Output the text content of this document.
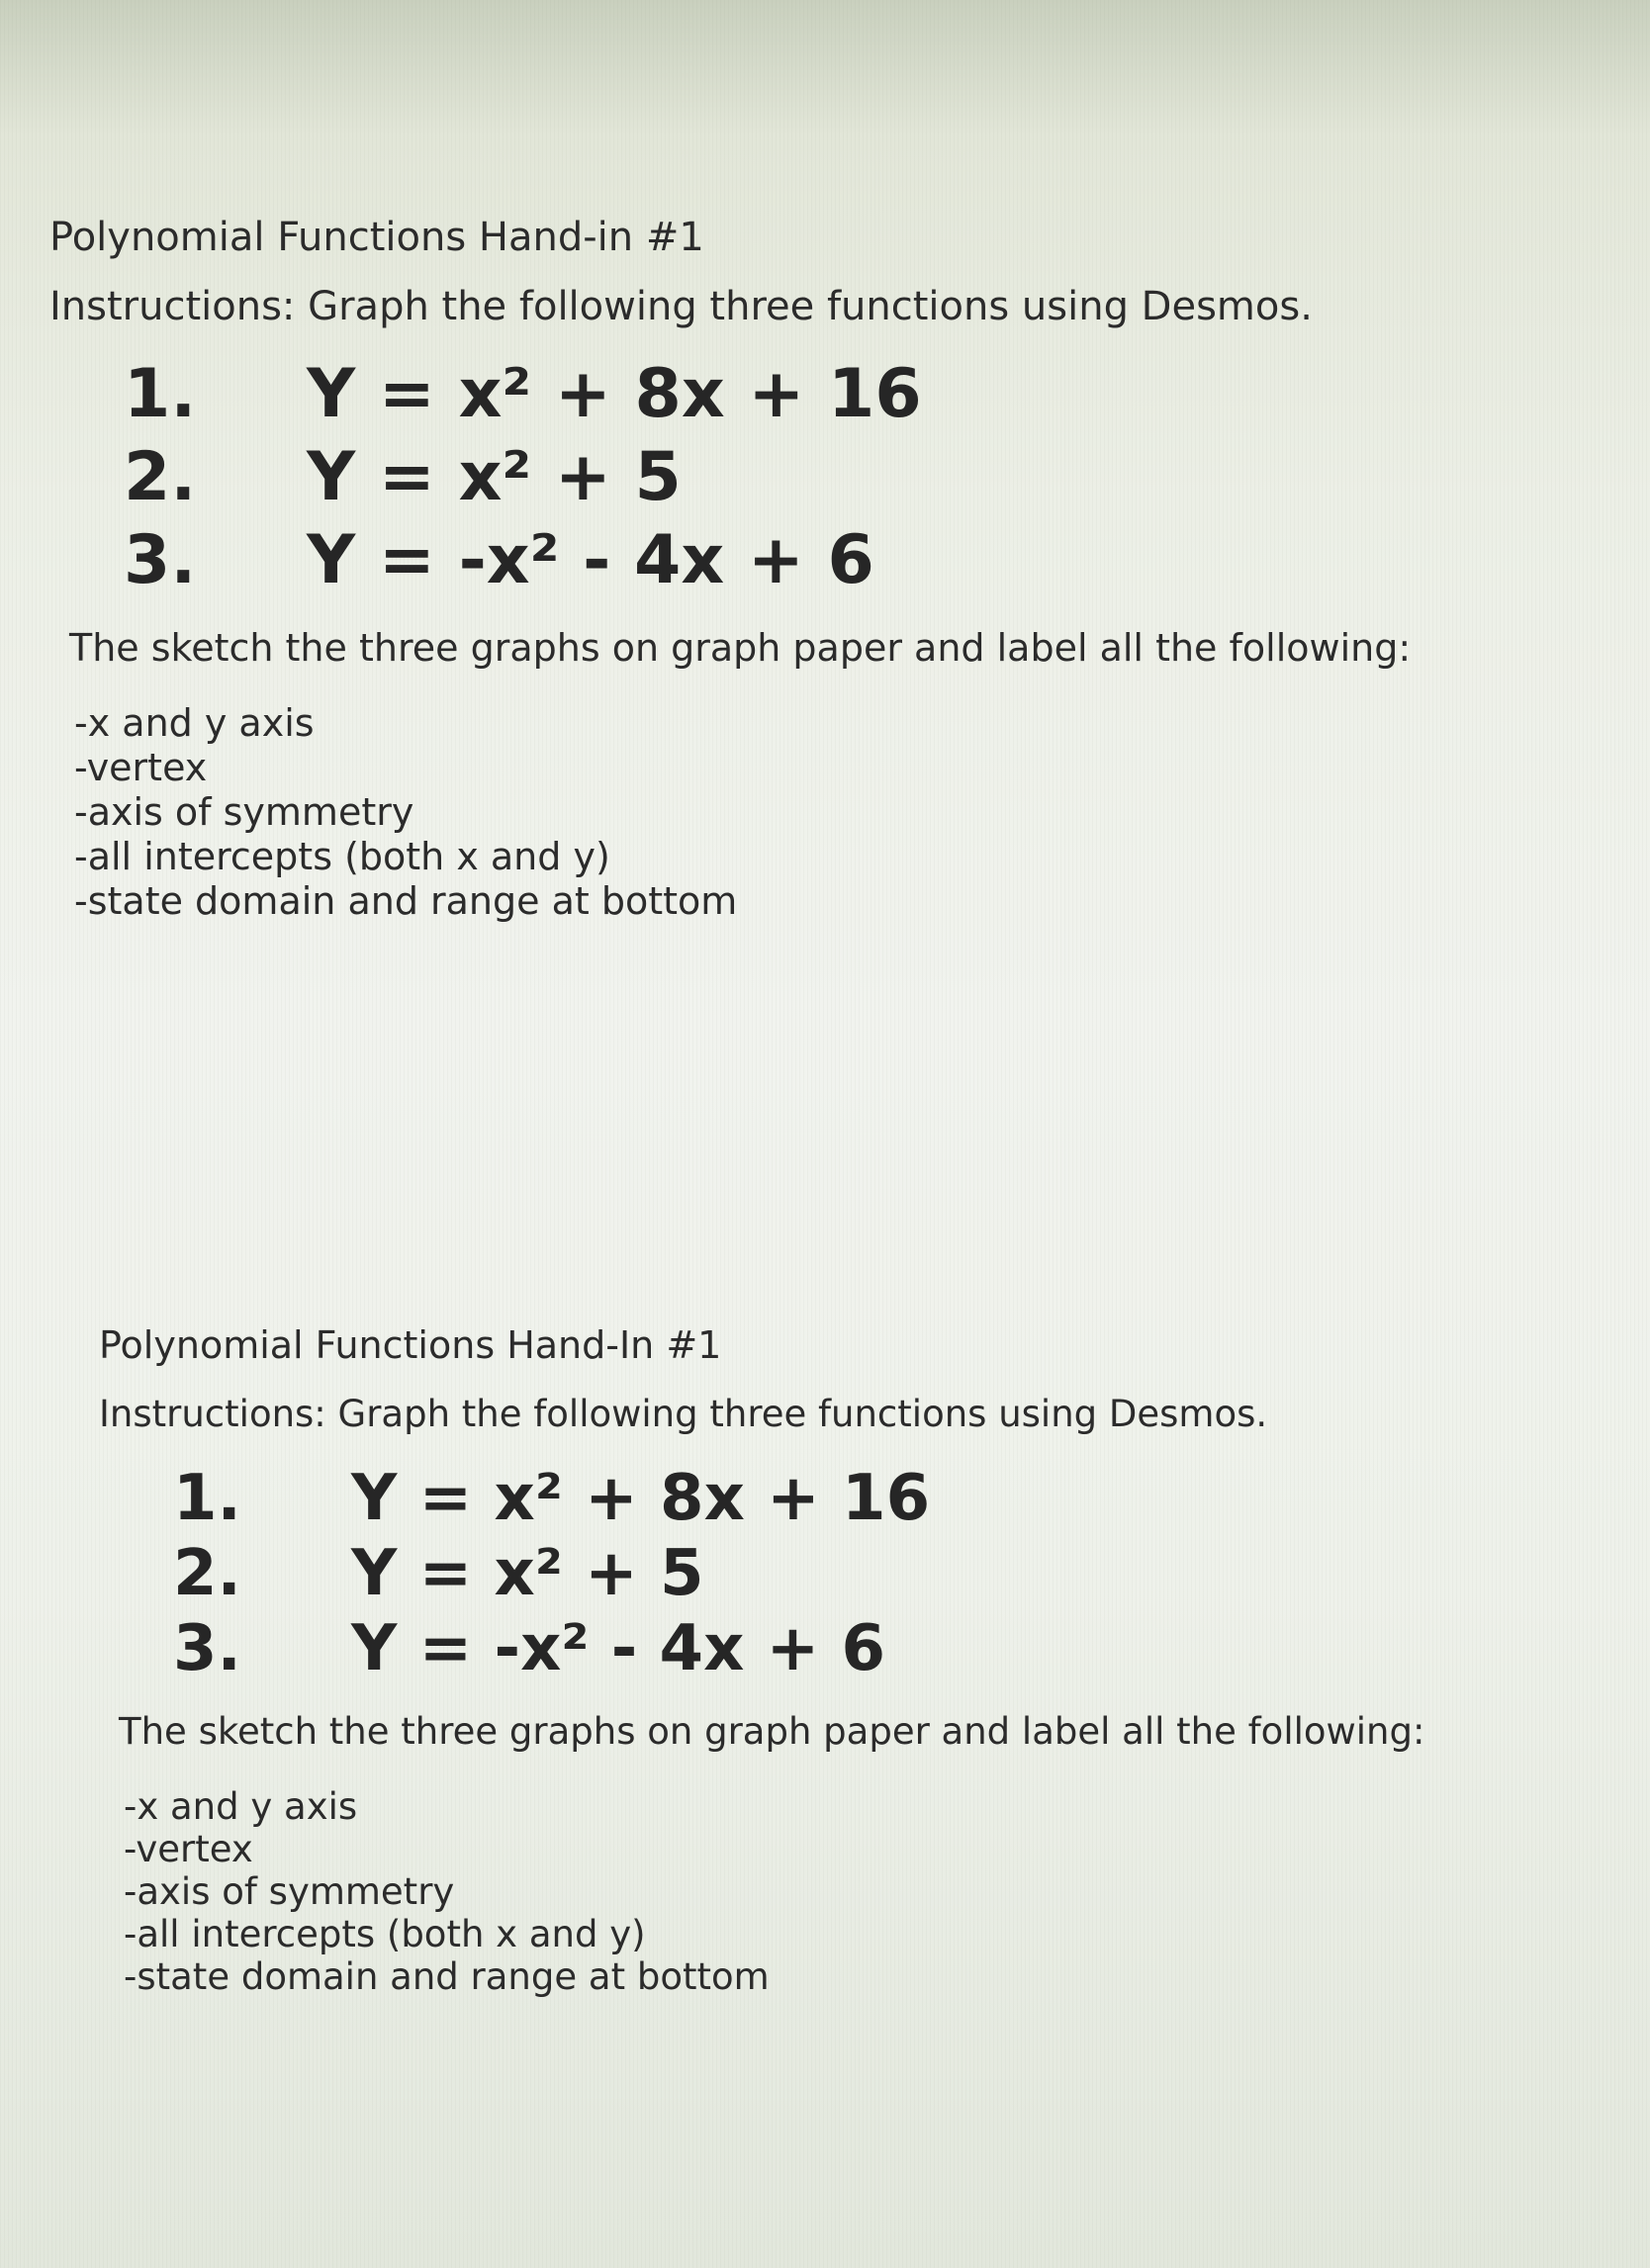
Polynomial Functions Hand-in #1
Instructions: Graph the following three functions using Desmos.
1.	Y = x² + 8x + 16
2.	Y = x² + 5
3.	Y = -x² - 4x + 6
The sketch the three graphs on graph paper and label all the following:
-x and y axis
-vertex
-axis of symmetry
-all intercepts (both x and y)
-state domain and range at bottom
Polynomial Functions Hand-In #1
Instructions: Graph the following three functions using Desmos.
1.	Y = x² + 8x + 16
2.	Y = x² + 5
3.	Y = -x² - 4x + 6
The sketch the three graphs on graph paper and label all the following:
-x and y axis
-vertex
-axis of symmetry
-all intercepts (both x and y)
-state domain and range at bottom
